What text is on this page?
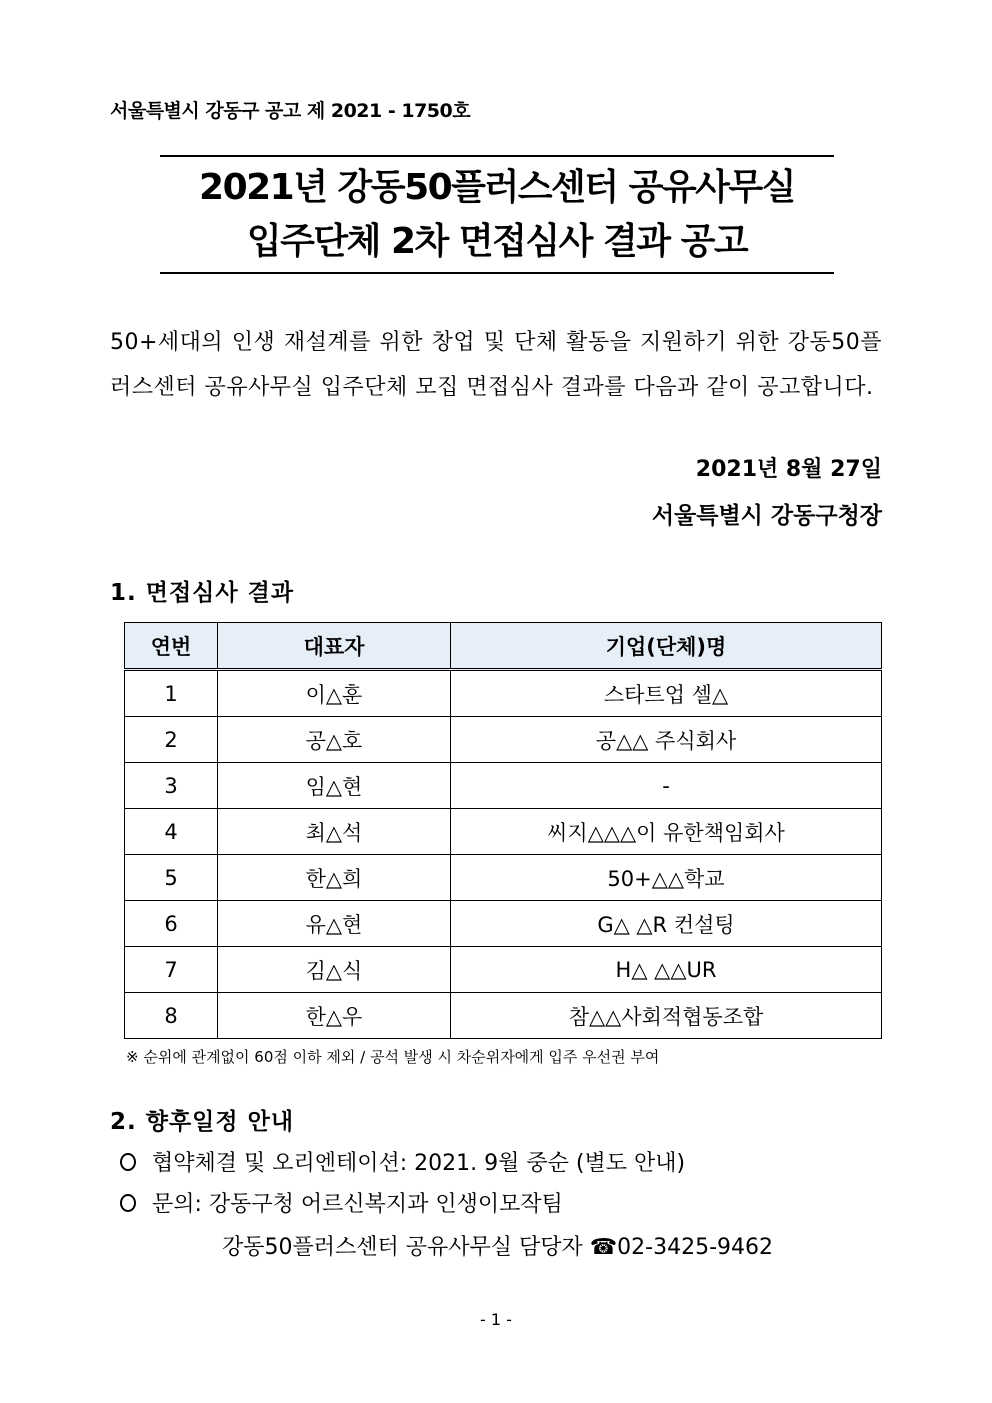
서울특별시 강동구 공고 제 2021 - 1750호
2021년 강동50플러스센터 공유사무실
입주단체 2차 면접심사 결과 공고
50+세대의 인생 재설계를 위한 창업 및 단체 활동을 지원하기 위한 강동50플러스센터 공유사무실 입주단체 모집 면접심사 결과를 다음과 같이 공고합니다.
2021년 8월 27일
서울특별시 강동구청장
1. 면접심사 결과
연번	대표자	기업(단체)명
1	이△훈	스타트업 셀△
2	공△호	공△△ 주식회사
3	임△현	-
4	최△석	씨지△△△이 유한책임회사
5	한△희	50+△△학교
6	유△현	G△ △R 컨설팅
7	김△식	H△ △△UR
8	한△우	참△△사회적협동조합
※ 순위에 관계없이 60점 이하 제외 / 공석 발생 시 차순위자에게 입주 우선권 부여
2. 향후일정 안내
협약체결 및 오리엔테이션: 2021. 9월 중순 (별도 안내)
문의: 강동구청 어르신복지과 인생이모작팀
강동50플러스센터 공유사무실 담당자 ☎02-3425-9462
- 1 -
